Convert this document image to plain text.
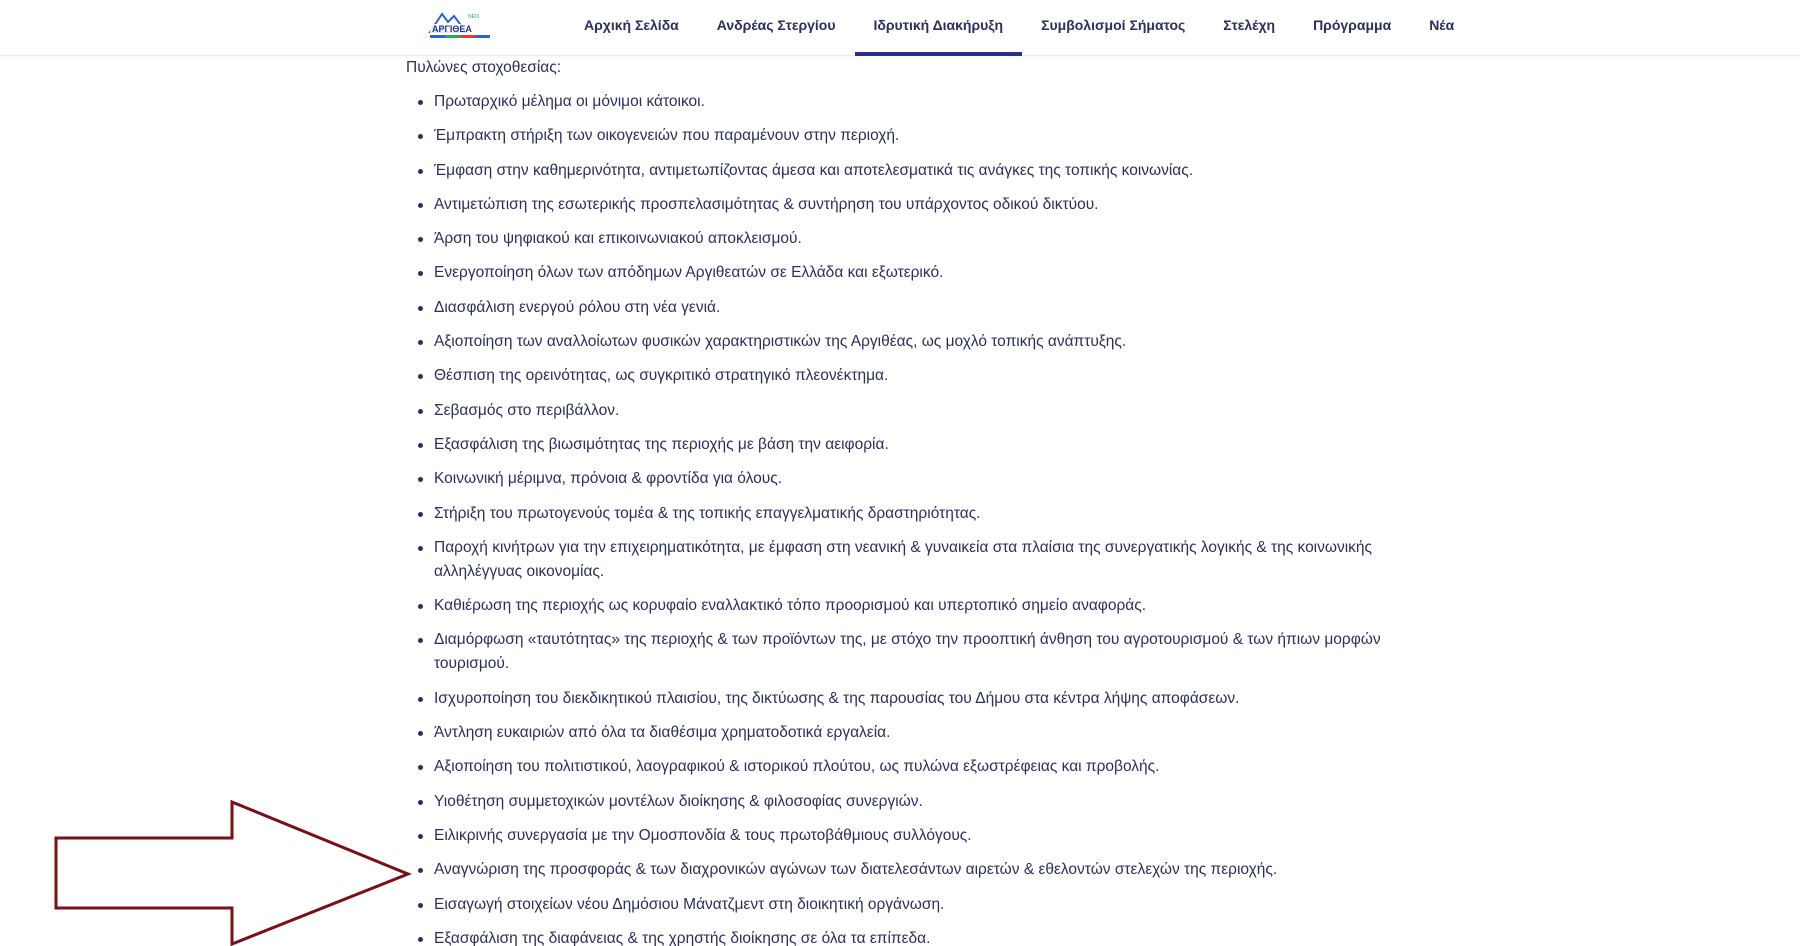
Πυλώνες στοχοθεσίας:

Πρωταρχικό μέλημα οι μόνιμοι κάτοικοι.
Έμπρακτη στήριξη των οικογενειών που παραμένουν στην περιοχή.
Έμφαση στην καθημερινότητα, αντιμετωπίζοντας άμεσα και αποτελεσματικά τις ανάγκες της τοπικής κοινωνίας.
Αντιμετώπιση της εσωτερικής προσπελασιμότητας & συντήρηση του υπάρχοντος οδικού δικτύου.
Άρση του ψηφιακού και επικοινωνιακού αποκλεισμού.
Ενεργοποίηση όλων των απόδημων Αργιθεατών σε Ελλάδα και εξωτερικό.
Διασφάλιση ενεργού ρόλου στη νέα γενιά.
Αξιοποίηση των αναλλοίωτων φυσικών χαρακτηριστικών της Αργιθέας, ως μοχλό τοπικής ανάπτυξης.
Θέσπιση της ορεινότητας, ως συγκριτικό στρατηγικό πλεονέκτημα.
Σεβασμός στο περιβάλλον.
Εξασφάλιση της βιωσιμότητας της περιοχής με βάση την αειφορία.
Κοινωνική μέριμνα, πρόνοια & φροντίδα για όλους.
Στήριξη του πρωτογενούς τομέα & της τοπικής επαγγελματικής δραστηριότητας.
Παροχή κινήτρων για την επιχειρηματικότητα, με έμφαση στη νεανική & γυναικεία στα πλαίσια της συνεργατικής λογικής & της κοινωνικής αλληλέγγυας οικονομίας.
Καθιέρωση της περιοχής ως κορυφαίο εναλλακτικό τόπο προορισμού και υπερτοπικό σημείο αναφοράς.
Διαμόρφωση «ταυτότητας» της περιοχής & των προϊόντων της, με στόχο την προοπτική άνθηση του αγροτουρισμού & των ήπιων μορφών τουρισμού.
Ισχυροποίηση του διεκδικητικού πλαισίου, της δικτύωσης & της παρουσίας του Δήμου στα κέντρα λήψης αποφάσεων.
Άντληση ευκαιριών από όλα τα διαθέσιμα χρηματοδοτικά εργαλεία.
Αξιοποίηση του πολιτιστικού, λαογραφικού & ιστορικού πλούτου, ως πυλώνα εξωστρέφειας και προβολής.
Υιοθέτηση συμμετοχικών μοντέλων διοίκησης & φιλοσοφίας συνεργιών.
Ειλικρινής συνεργασία με την Ομοσπονδία & τους πρωτοβάθμιους συλλόγους.
Αναγνώριση της προσφοράς & των διαχρονικών αγώνων των διατελεσάντων αιρετών & εθελοντών στελεχών της περιοχής.
Εισαγωγή στοιχείων νέου Δημόσιου Μάνατζμεντ στη διοικητική οργάνωση.
Εξασφάλιση της διαφάνειας & της χρηστής διοίκησης σε όλα τα επίπεδα.
ΑΡΓΙΘΕΑ
ΝΕΟ	Αρχική Σελίδα	Ανδρέας Στεργίου	Ιδρυτική Διακήρυξη	Συμβολισμοί Σήματος	Στελέχη	Πρόγραμμα	Νέα
